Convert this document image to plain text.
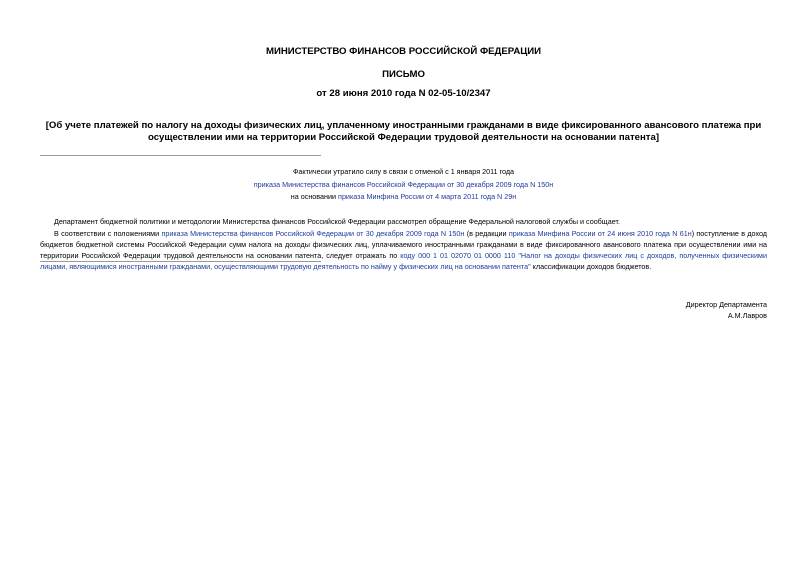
МИНИСТЕРСТВО ФИНАНСОВ РОССИЙСКОЙ ФЕДЕРАЦИИ
ПИСЬМО
от 28 июня 2010 года N 02-05-10/2347
[Об учете платежей по налогу на доходы физических лиц, уплаченному иностранными гражданами в виде фиксированного авансового платежа при осуществлении ими на территории Российской Федерации трудовой деятельности на основании патента]
Фактически утратило силу в связи с отменой с 1 января 2011 года
приказа Министерства финансов Российской Федерации от 30 декабря 2009 года N 150н
на основании приказа Минфина России от 4 марта 2011 года N 29н
Департамент бюджетной политики и методологии Министерства финансов Российской Федерации рассмотрел обращение Федеральной налоговой службы и сообщает.
В соответствии с положениями приказа Министерства финансов Российской Федерации от 30 декабря 2009 года N 150н (в редакции приказа Минфина России от 24 июня 2010 года N 61н) поступление в доход бюджетов бюджетной системы Российской Федерации сумм налога на доходы физических лиц, уплачиваемого иностранными гражданами в виде фиксированного авансового платежа при осуществлении ими на территории Российской Федерации трудовой деятельности на основании патента, следует отражать по коду 000 1 01 02070 01 0000 110 "Налог на доходы физических лиц с доходов, полученных физическими лицами, являющимися иностранными гражданами, осуществляющими трудовую деятельность по найму у физических лиц на основании патента" классификации доходов бюджетов.
Директор Департамента
А.М.Лавров
